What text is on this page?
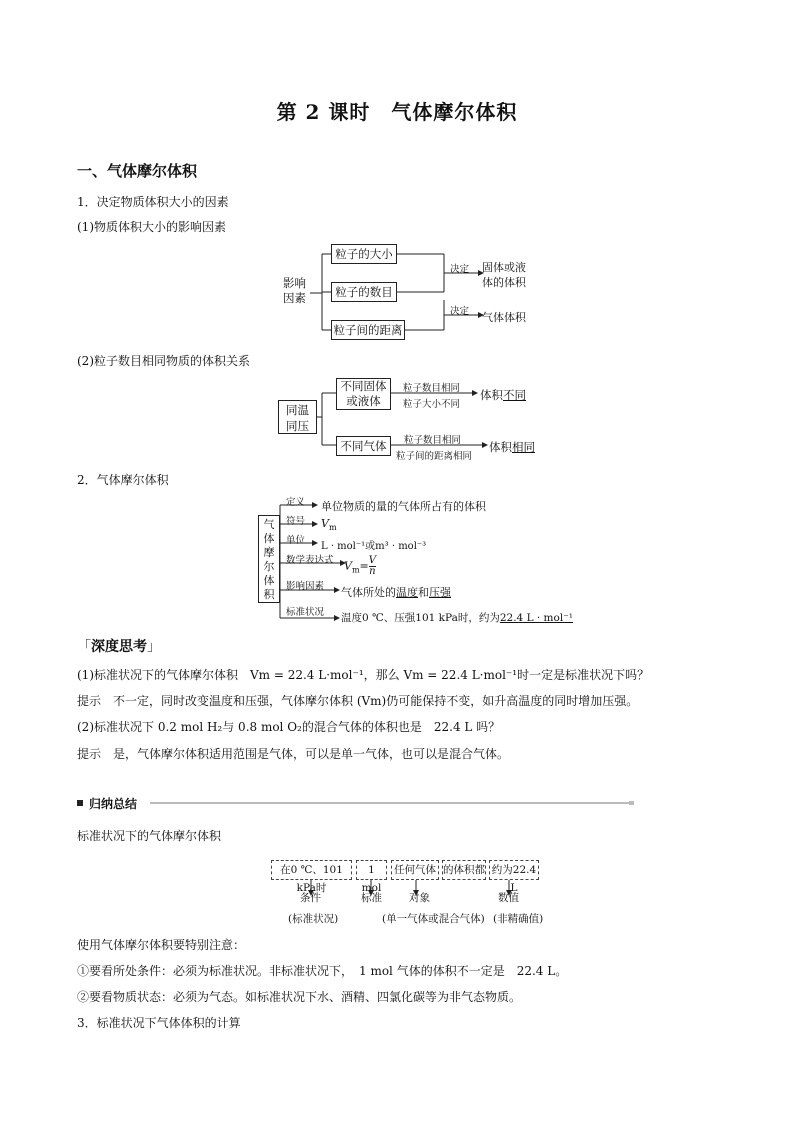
第 2 课时　气体摩尔体积
一、气体摩尔体积
1．决定物质体积大小的因素
(1)物质体积大小的影响因素
影响
因素
粒子的大小
粒子的数目
粒子间的距离
决定
决定
固体或液
体的体积
气体体积
(2)粒子数目相同物质的体积关系
同温
同压
不同固体
或液体
不同气体
粒子数目相同
粒子大小不同
粒子数目相同
粒子间的距离相同
体积不同
体积相同
2．气体摩尔体积
气
体
摩
尔
体
积
定义 单位物质的量的气体所占有的体积
符号 $V_m$
单位
L · mol⁻¹或m³ · mol⁻³
数学表达式 $V_m= \frac{V}{n}$
影响因素 气体所处的温度和压强
标准状况 温度0 ℃、压强101 kPa时，约为22.4 L · mol⁻¹
「深度思考」
(1)标准状况下的气体摩尔体积　Vm = 22.4 L·mol⁻¹，那么 Vm = 22.4 L·mol⁻¹时一定是标准状况下吗？
提示　不一定，同时改变温度和压强，气体摩尔体积 (Vm)仍可能保持不变，如升高温度的同时增加压强。
(2)标准状况下 0.2 mol H₂与 0.8 mol O₂的混合气体的体积也是　22.4 L 吗？
提示　是，气体摩尔体积适用范围是气体，可以是单一气体，也可以是混合气体。
归纳总结
标准状况下的气体摩尔体积
在0 ℃、101 kPa时
1 mol
任何气体 的体积都 约为22.4 L
条件
(标准状况)
标准	对象
(单一气体或混合气体)
数值
(非精确值)
使用气体摩尔体积要特别注意：
①要看所处条件：必须为标准状况。非标准状况下，　1 mol 气体的体积不一定是　22.4 L。
②要看物质状态：必须为气态。如标准状况下水、酒精、四氯化碳等为非气态物质。
3．标准状况下气体体积的计算
